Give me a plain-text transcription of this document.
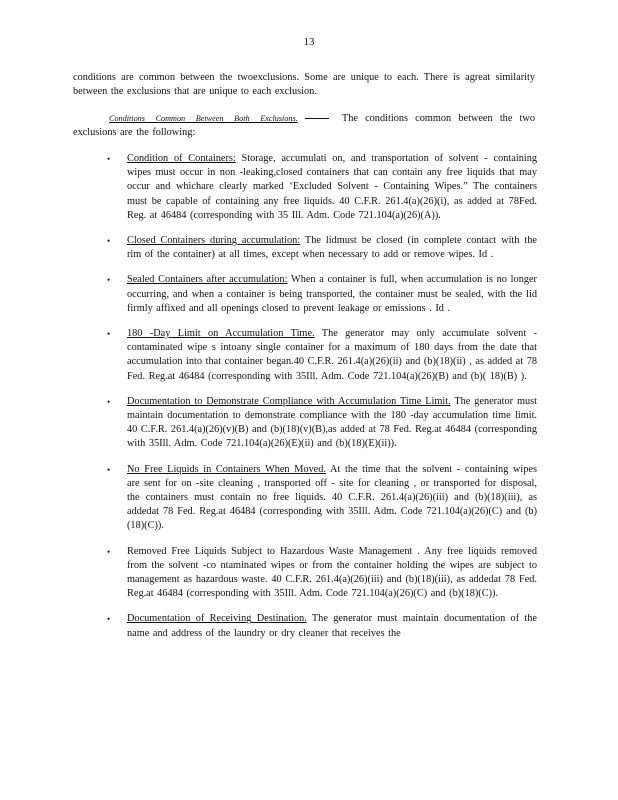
13

conditions are common between the twoexclusions. Some are unique to each. There is agreat similarity between the exclusions that are unique to each exclusion.

Conditions Common Between Both Exclusions.	The conditions common between the two exclusions are the following:

• Condition of Containers: Storage, accumulati on, and transportation of solvent - containing wipes must occur in non -leaking,closed containers that can contain any free liquids that may occur and whichare clearly marked ‘Excluded Solvent - Containing Wipes.” The containers must be capable of containing any free liquids. 40 C.F.R. 261.4(a)(26)(i), as added at 78Fed. Reg. at 46484 (corresponding with 35 Ill. Adm. Code 721.104(a)(26)(A)).
• Closed Containers during accumulation: The lidmust be closed (in complete contact with the rim of the container) at all times, except when necessary to add or remove wipes. Id .
• Sealed Containers after accumulation: When a container is full, when accumulation is no longer occurring, and when a container is being transported, the container must be sealed, with the lid firmly affixed and all openings closed to prevent leakage or emissions . Id .
• 180 -Day Limit on Accumulation Time. The generator may only accumulate solvent - contaminated wipe s intoany single container for a maximum of 180 days from the date that accumulation into that container began.40 C.F.R. 261.4(a)(26)(ii) and (b)(18)(ii) , as added at 78 Fed. Reg.at 46484 (corresponding with 35Ill. Adm. Code 721.104(a)(26)(B) and (b)( 18)(B) ).
• Documentation to Demonstrate Compliance with Accumulation Time Limit. The generator must maintain documentation to demonstrate compliance with the 180 -day accumulation time limit. 40 C.F.R. 261.4(a)(26)(v)(B) and (b)(18)(v)(B),as added at 78 Fed. Reg.at 46484 (corresponding with 35Ill. Adm. Code 721.104(a)(26)(E)(ii) and (b)(18)(E)(ii)).
• No Free Liquids in Containers When Moved. At the time that the solvent - containing wipes are sent for on -site cleaning , transported off - site for cleaning , or transported for disposal, the containers must contain no free liquids. 40 C.F.R. 261.4(a)(26)(iii) and (b)(18)(iii), as addedat 78 Fed. Reg.at 46484 (corresponding with 35Ill. Adm. Code 721.104(a)(26)(C) and (b)(18)(C)).
• Removed Free Liquids Subject to Hazardous Waste Management . Any free liquids removed from the solvent -co ntaminated wipes or from the container holding the wipes are subject to management as hazardous waste. 40 C.F.R. 261.4(a)(26)(iii) and (b)(18)(iii), as addedat 78 Fed. Reg.at 46484 (corresponding with 35Ill. Adm. Code 721.104(a)(26)(C) and (b)(18)(C)).
• Documentation of Receiving Destination. The generator must maintain documentation of the name and address of the laundry or dry cleaner that receives the
